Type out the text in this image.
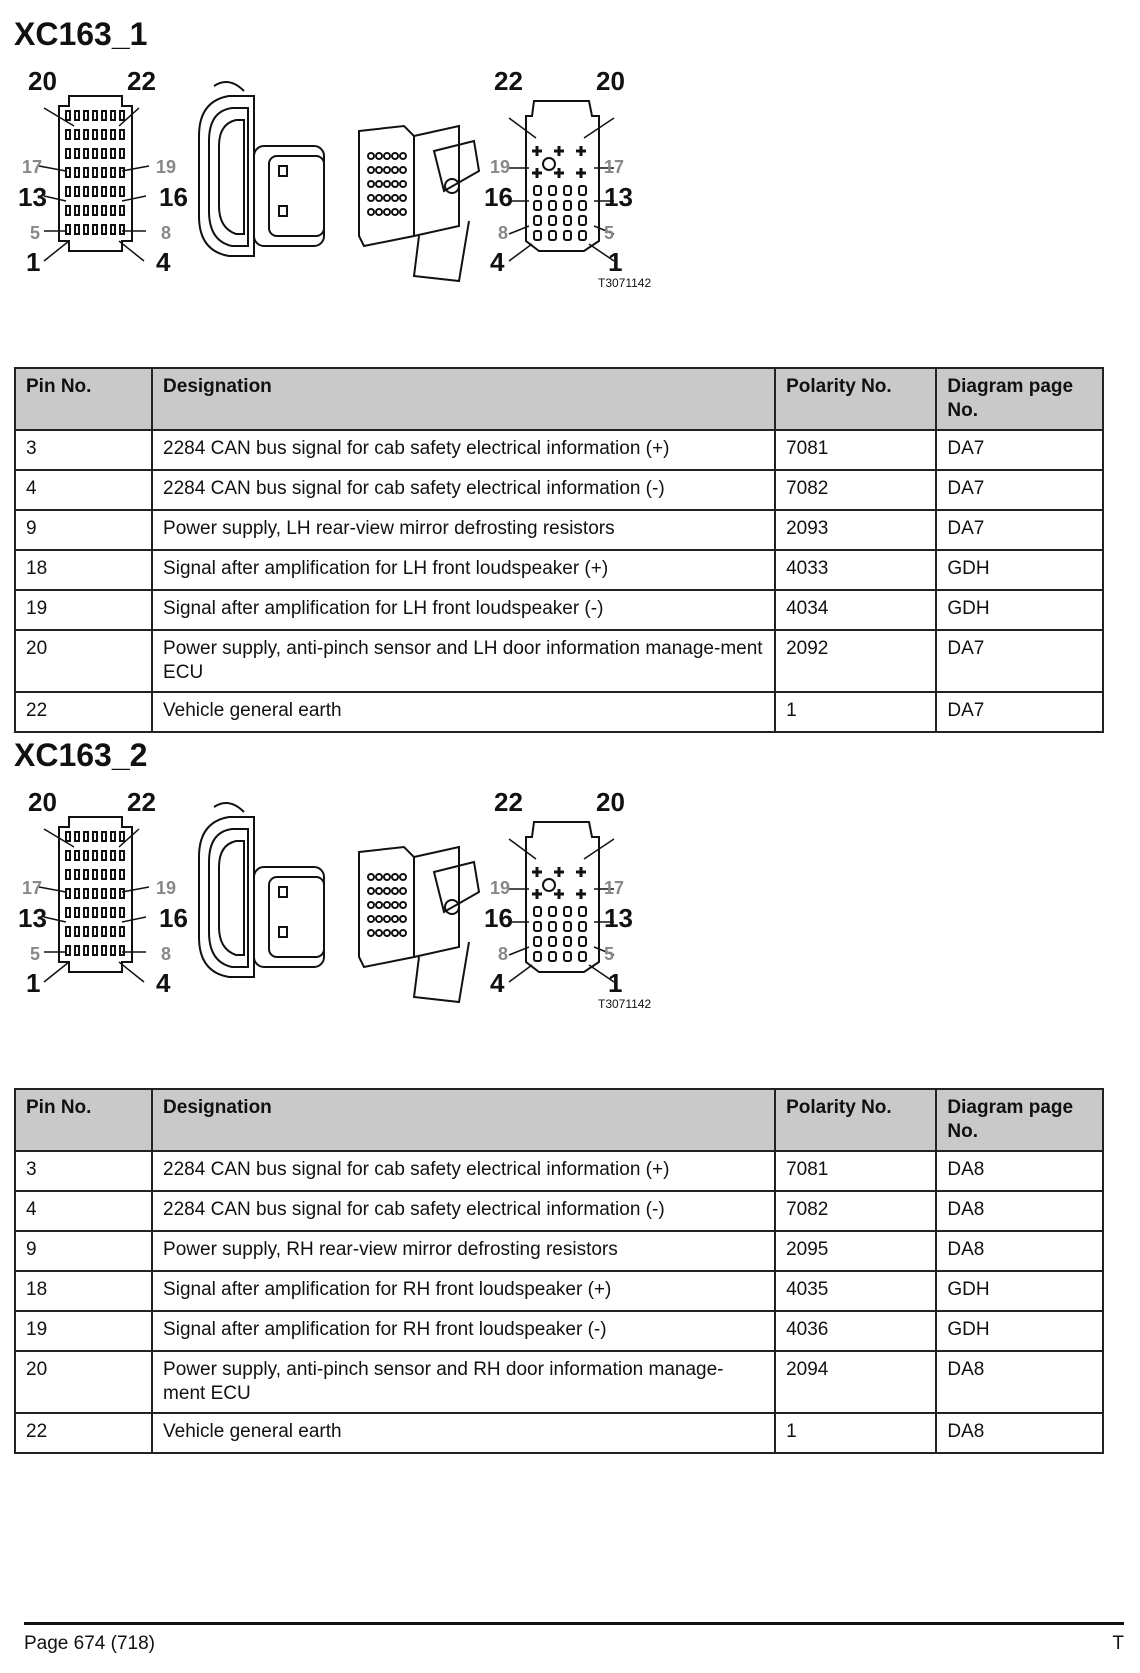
XC163_1
20	22
17	19
13	16
5	8
1	4
22	20
19	17
16	13
8	5
4	1
T3071142
Pin No.	Designation	Polarity No.	Diagram page No.
3	2284 CAN bus signal for cab safety electrical information (+)	7081	DA7
4	2284 CAN bus signal for cab safety electrical information (-)	7082	DA7
9	Power supply, LH rear-view mirror defrosting resistors	2093	DA7
18	Signal after amplification for LH front loudspeaker (+)	4033	GDH
19	Signal after amplification for LH front loudspeaker (-)	4034	GDH
20	Power supply, anti-pinch sensor and LH door information manage-ment ECU	2092	DA7
22	Vehicle general earth	1	DA7
XC163_2
20	22
17	19
13	16
5	8
1	4
22	20
19	17
16	13
8	5
4	1
T3071142
Pin No.	Designation	Polarity No.	Diagram page No.
3	2284 CAN bus signal for cab safety electrical information (+)	7081	DA8
4	2284 CAN bus signal for cab safety electrical information (-)	7082	DA8
9	Power supply, RH rear-view mirror defrosting resistors	2095	DA8
18	Signal after amplification for RH front loudspeaker (+)	4035	GDH
19	Signal after amplification for RH front loudspeaker (-)	4036	GDH
20	Power supply, anti-pinch sensor and RH door information manage-ment ECU	2094	DA8
22	Vehicle general earth	1	DA8
Page 674 (718)	T
